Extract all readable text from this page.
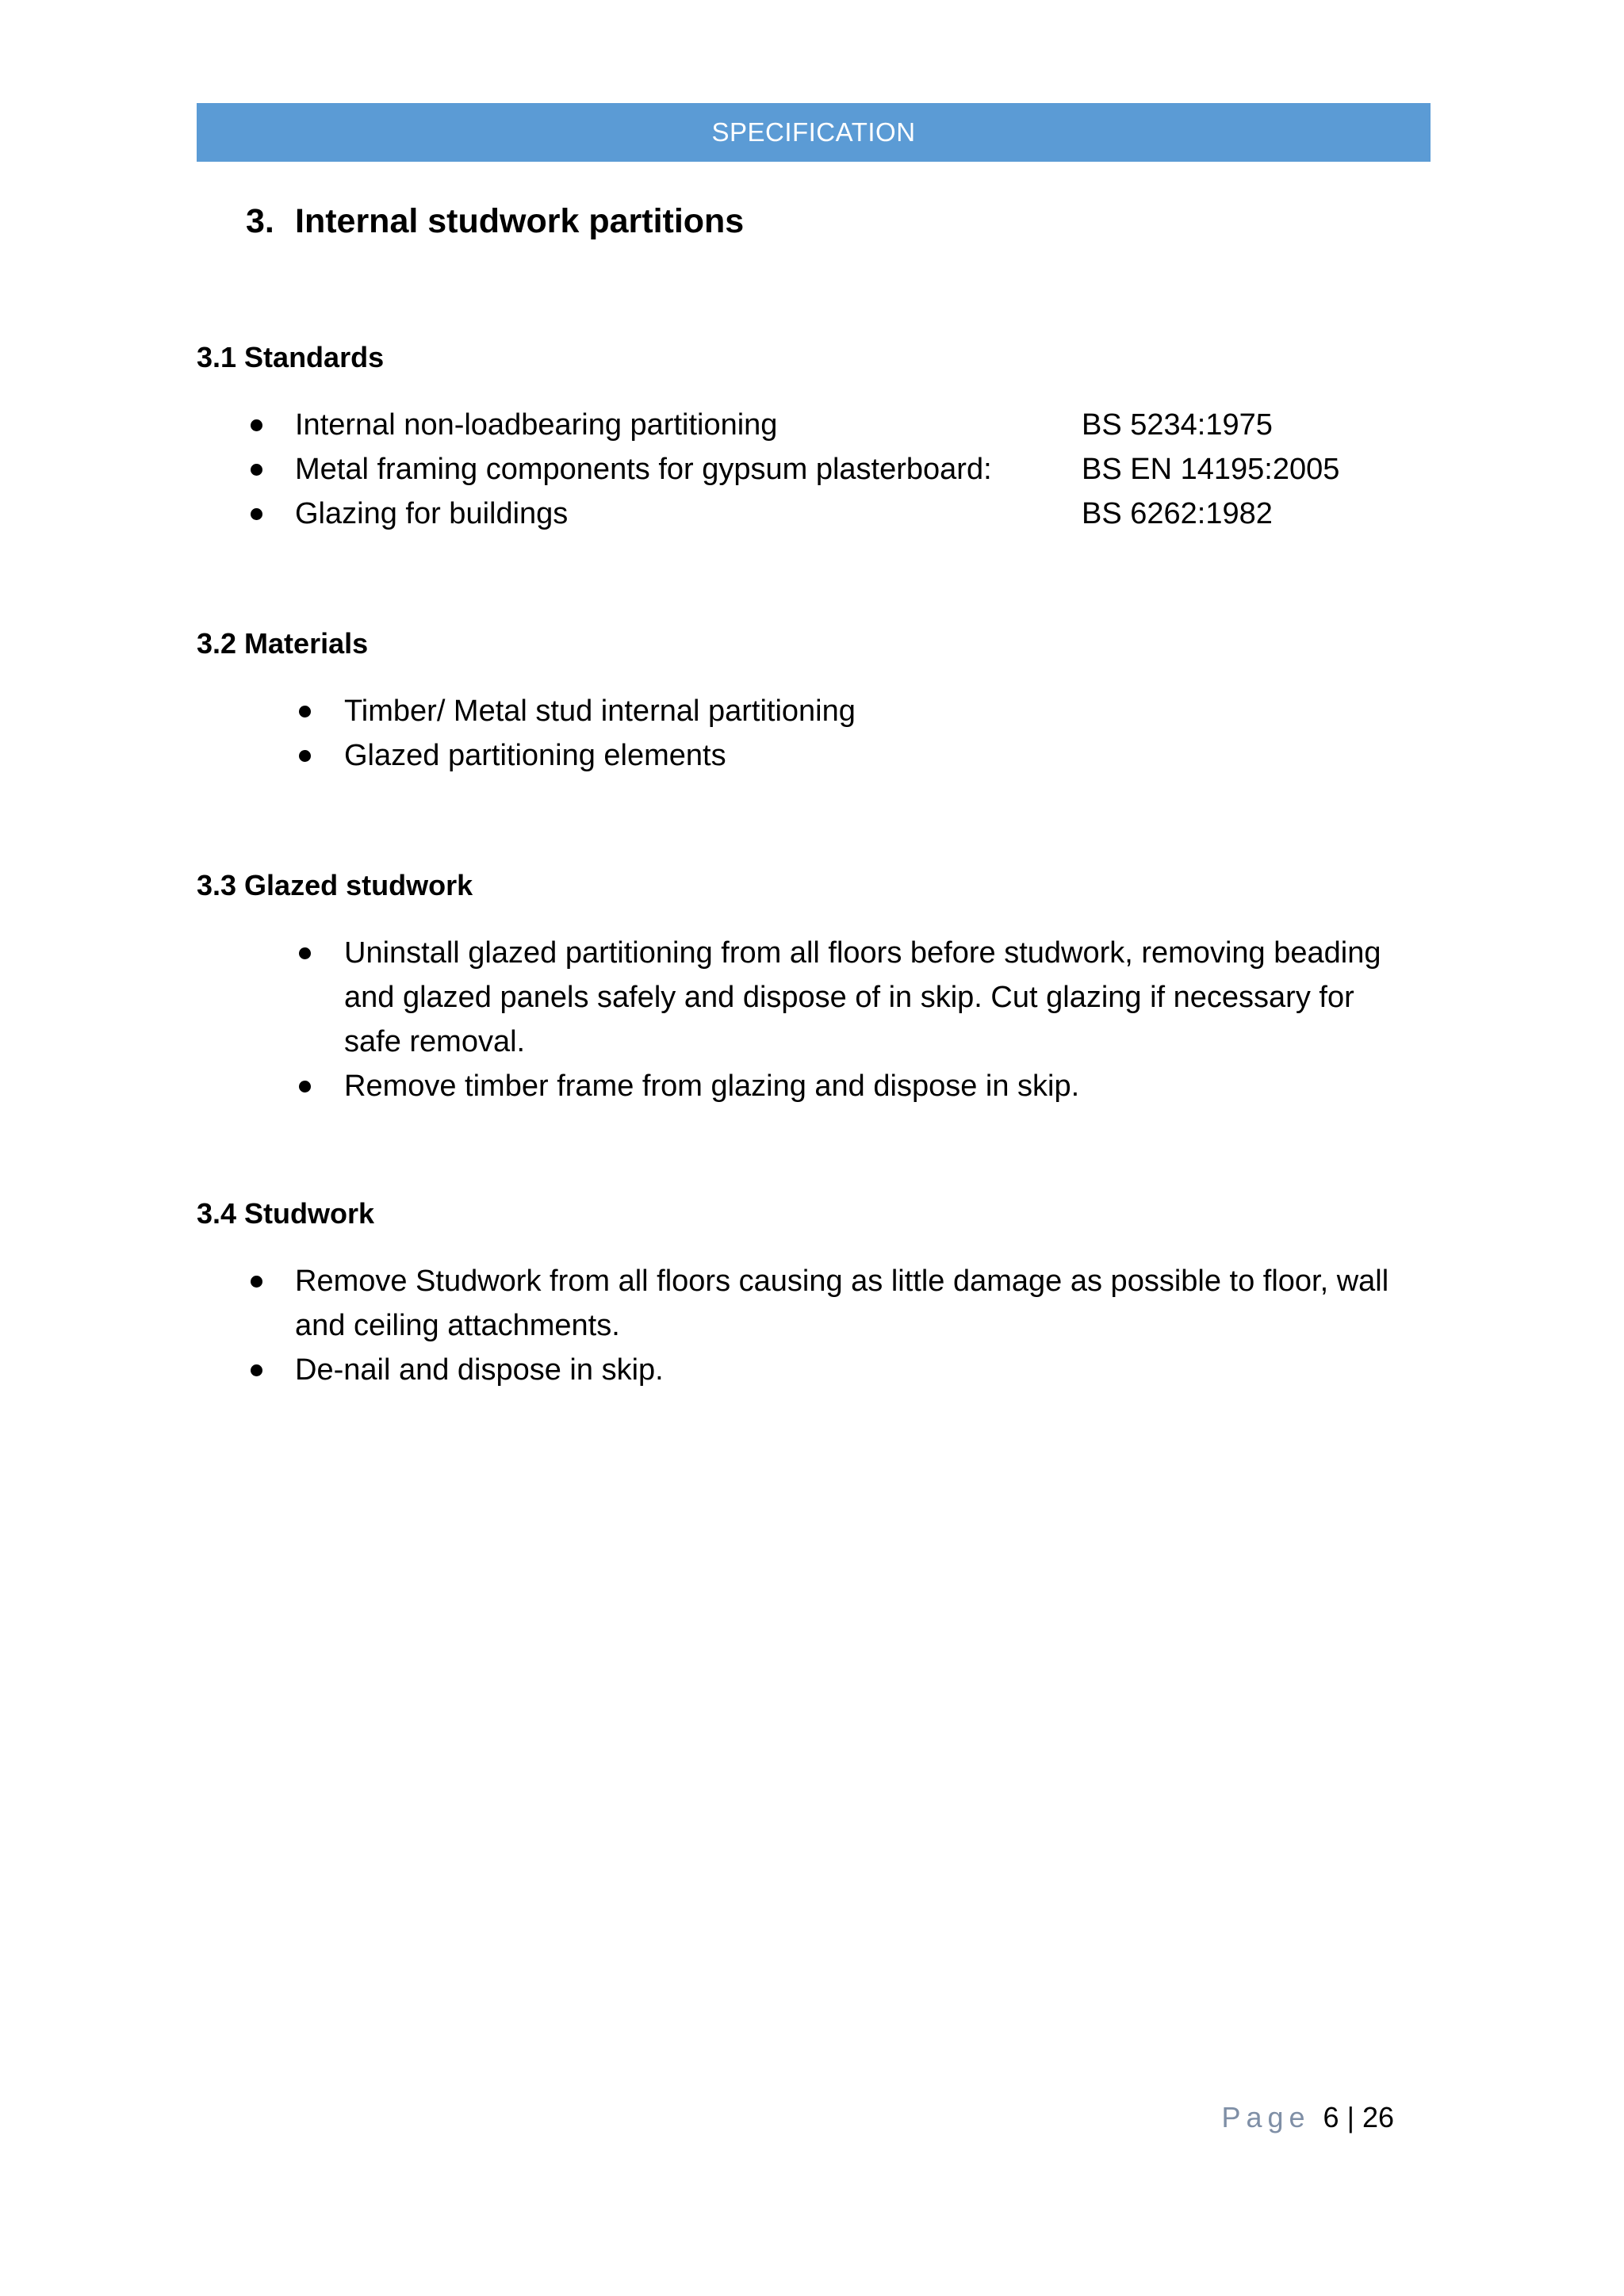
SPECIFICATION
3. Internal studwork partitions
3.1 Standards
Internal non-loadbearing partitioning	BS 5234:1975
Metal framing components for gypsum plasterboard:	BS EN 14195:2005
Glazing for buildings	BS 6262:1982
3.2 Materials
Timber/ Metal stud internal partitioning
Glazed partitioning elements
3.3 Glazed studwork
Uninstall glazed partitioning from all floors before studwork, removing beading and glazed panels safely and dispose of in skip. Cut glazing if necessary for safe removal.
Remove timber frame from glazing and dispose in skip.
3.4 Studwork
Remove Studwork from all floors causing as little damage as possible to floor, wall and ceiling attachments.
De-nail and dispose in skip.
Page 6 | 26
